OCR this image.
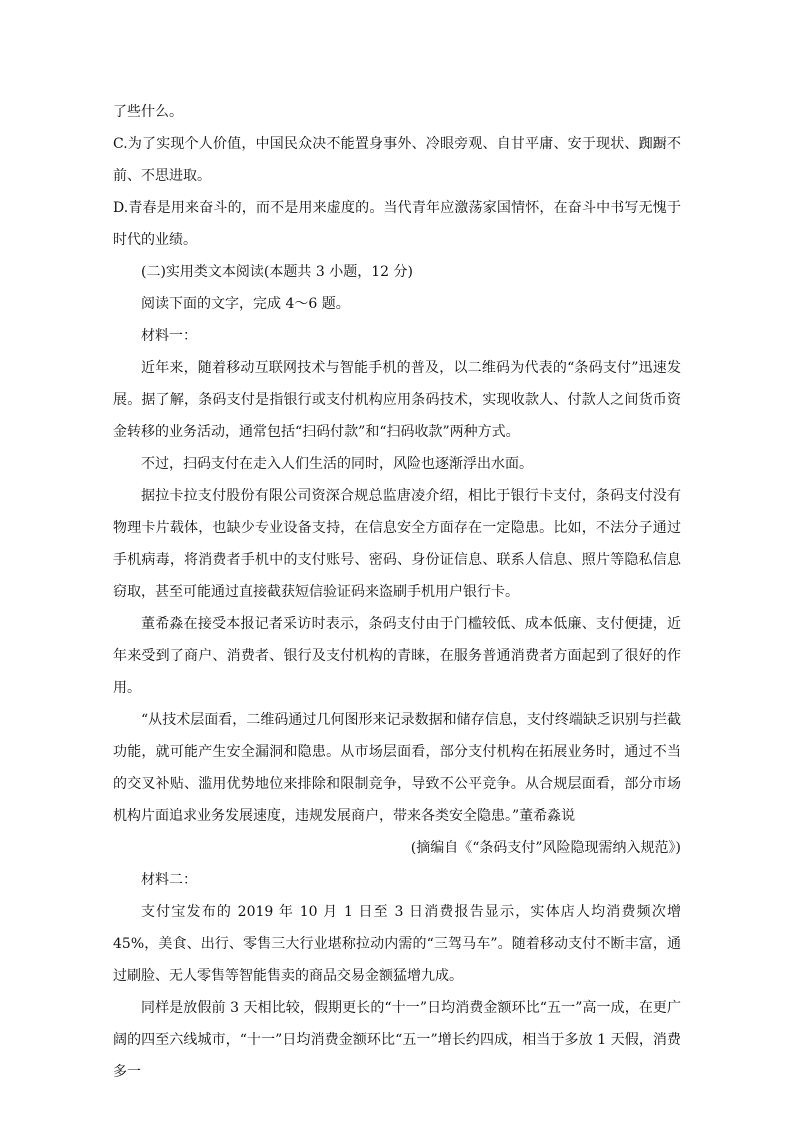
了些什么。

C.为了实现个人价值，中国民众决不能置身事外、冷眼旁观、自甘平庸、安于现状、踟蹰不前、不思进取。

D.青春是用来奋斗的，而不是用来虚度的。当代青年应激荡家国情怀，在奋斗中书写无愧于时代的业绩。

(二)实用类文本阅读(本题共 3 小题，12 分)

阅读下面的文字，完成 4～6 题。

材料一：

近年来，随着移动互联网技术与智能手机的普及，以二维码为代表的“条码支付”迅速发展。据了解，条码支付是指银行或支付机构应用条码技术，实现收款人、付款人之间货币资金转移的业务活动，通常包括“扫码付款”和“扫码收款”两种方式。

不过，扫码支付在走入人们生活的同时，风险也逐渐浮出水面。

据拉卡拉支付股份有限公司资深合规总监唐凌介绍，相比于银行卡支付，条码支付没有物理卡片载体，也缺少专业设备支持，在信息安全方面存在一定隐患。比如，不法分子通过手机病毒，将消费者手机中的支付账号、密码、身份证信息、联系人信息、照片等隐私信息窃取，甚至可能通过直接截获短信验证码来盗刷手机用户银行卡。

董希淼在接受本报记者采访时表示，条码支付由于门槛较低、成本低廉、支付便捷，近年来受到了商户、消费者、银行及支付机构的青睐，在服务普通消费者方面起到了很好的作用。

“从技术层面看，二维码通过几何图形来记录数据和储存信息，支付终端缺乏识别与拦截功能，就可能产生安全漏洞和隐患。从市场层面看，部分支付机构在拓展业务时，通过不当的交叉补贴、滥用优势地位来排除和限制竞争，导致不公平竞争。从合规层面看，部分市场机构片面追求业务发展速度，违规发展商户，带来各类安全隐患。”董希淼说

(摘编自《“条码支付”风险隐现需纳入规范》)

材料二：

支付宝发布的 2019 年 10 月 1 日至 3 日消费报告显示，实体店人均消费频次增 45%，美食、出行、零售三大行业堪称拉动内需的“三驾马车”。随着移动支付不断丰富，通过刷脸、无人零售等智能售卖的商品交易金额猛增九成。

同样是放假前 3 天相比较，假期更长的“十一”日均消费金额环比“五一”高一成，在更广阔的四至六线城市，“十一”日均消费金额环比“五一”增长约四成，相当于多放 1 天假，消费多一
